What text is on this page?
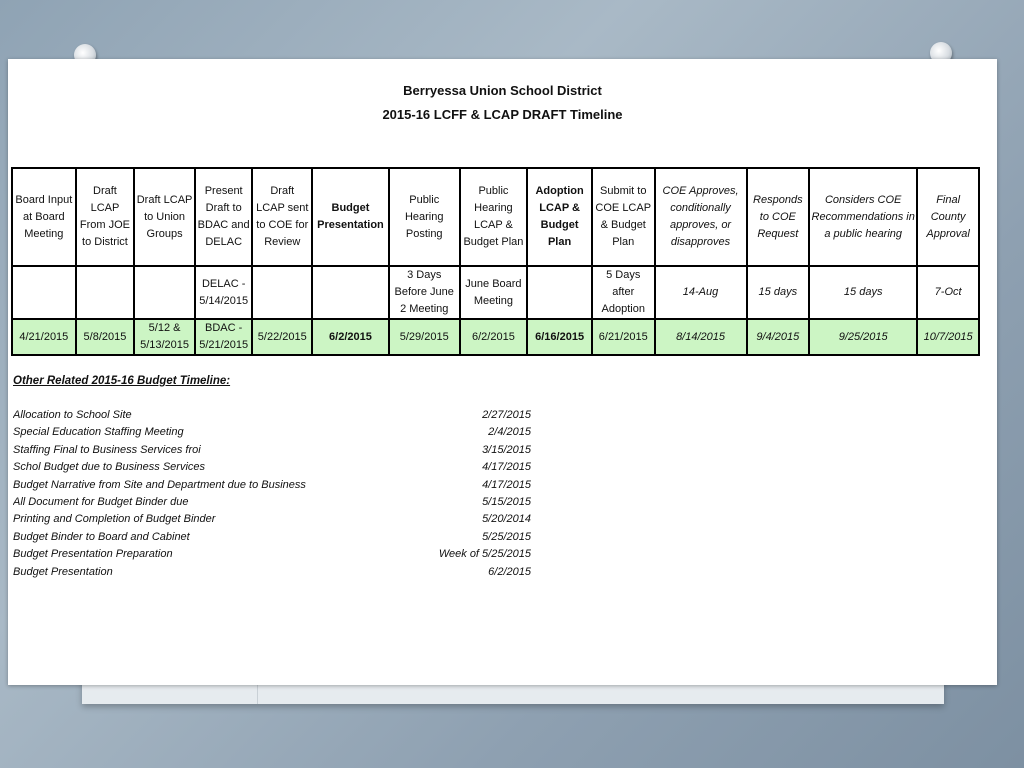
Berryessa Union School District
2015-16 LCFF & LCAP DRAFT Timeline
Board Input at Board Meeting	Draft LCAP From JOE to District	Draft LCAP to Union Groups	Present Draft to BDAC and DELAC	Draft LCAP sent to COE for Review	Budget Presentation	Public Hearing Posting	Public Hearing LCAP & Budget Plan	Adoption LCAP & Budget Plan	Submit to COE LCAP & Budget Plan	COE Approves, conditionally approves, or disapproves	Responds to COE Request	Considers COE Recommendations in a public hearing	Final County Approval
			DELAC - 5/14/2015			3 Days Before June 2 Meeting	June Board Meeting		5 Days after Adoption	14-Aug	15 days	15 days	7-Oct
4/21/2015	5/8/2015	5/12 & 5/13/2015	BDAC - 5/21/2015	5/22/2015	6/2/2015	5/29/2015	6/2/2015	6/16/2015	6/21/2015	8/14/2015	9/4/2015	9/25/2015	10/7/2015
Other Related 2015-16 Budget Timeline:
Allocation to School Site	2/27/2015
Special Education Staffing Meeting	2/4/2015
Staffing Final to Business Services froi	3/15/2015
Schol Budget due to Business Services	4/17/2015
Budget Narrative from Site and Department due to Business	4/17/2015
All Document for Budget Binder due	5/15/2015
Printing and Completion of Budget Binder	5/20/2014
Budget Binder to Board and Cabinet	5/25/2015
Budget Presentation Preparation	Week of 5/25/2015
Budget Presentation	6/2/2015
